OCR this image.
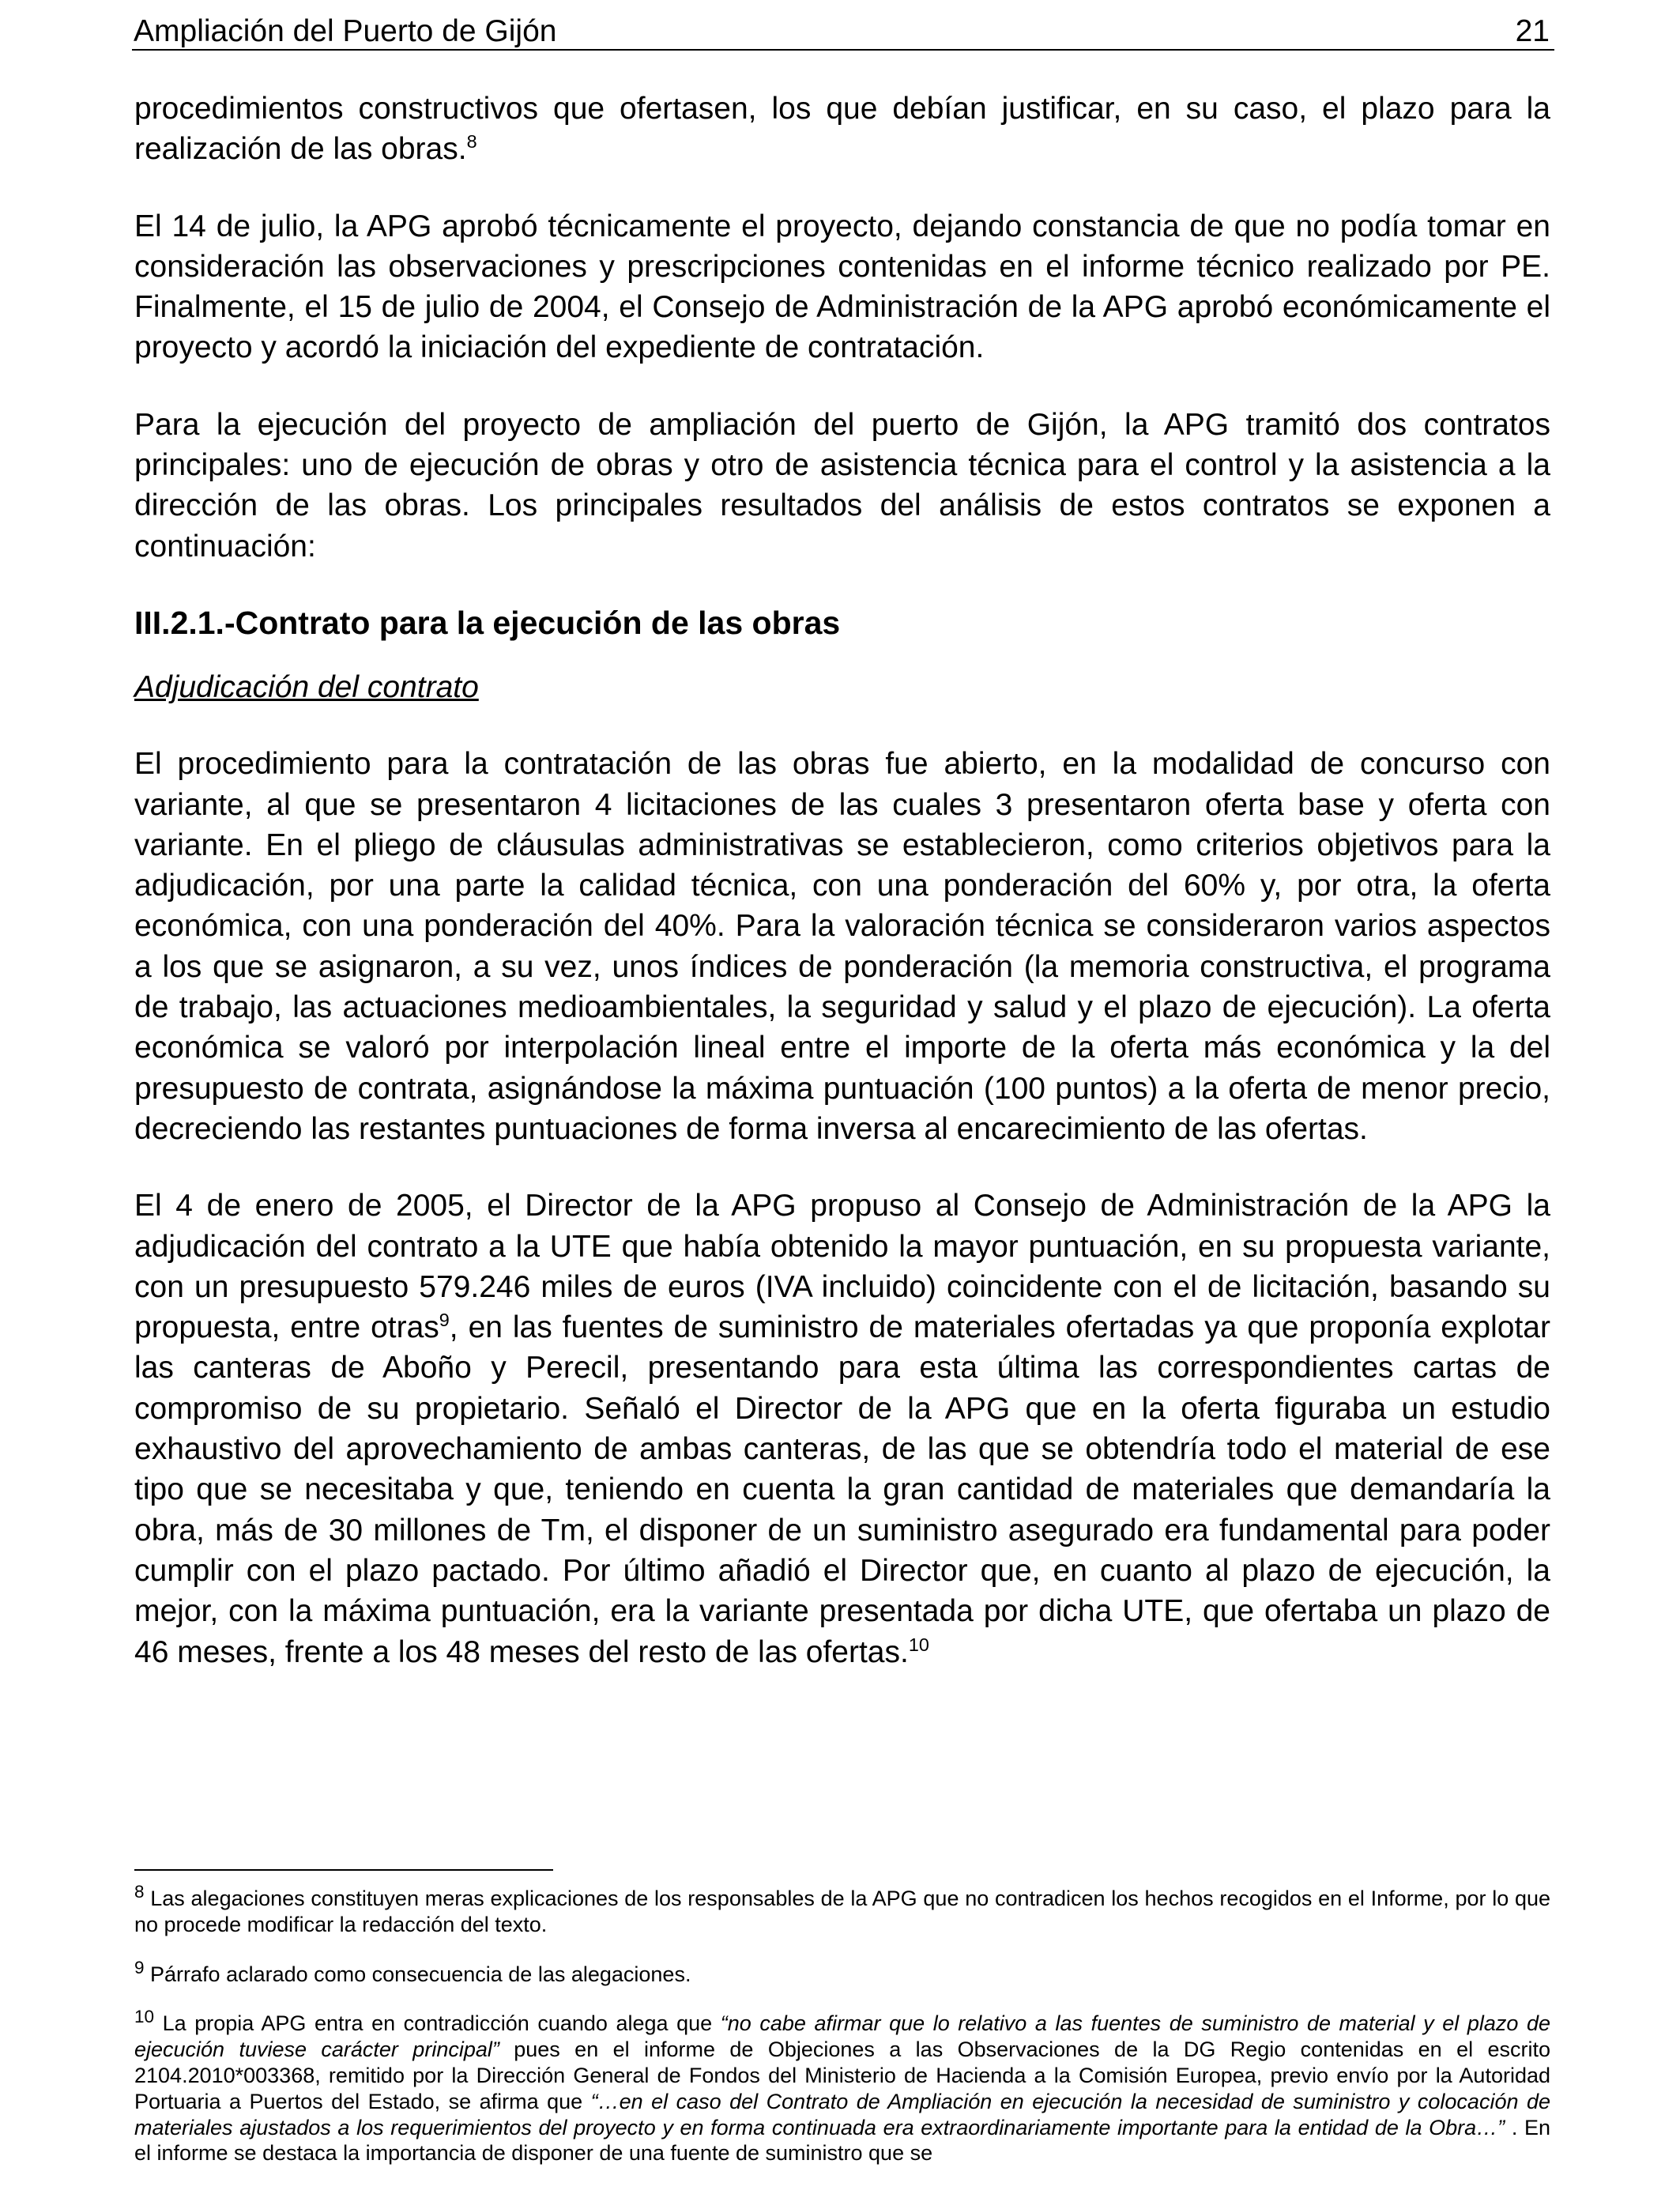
Ampliación del Puerto de Gijón	21

procedimientos constructivos que ofertasen, los que debían justificar, en su caso, el plazo para la realización de las obras.$^8$

El 14 de julio, la APG aprobó técnicamente el proyecto, dejando constancia de que no podía tomar en consideración las observaciones y prescripciones contenidas en el informe técnico realizado por PE. Finalmente, el 15 de julio de 2004, el Consejo de Administración de la APG aprobó económicamente el proyecto y acordó la iniciación del expediente de contratación.

Para la ejecución del proyecto de ampliación del puerto de Gijón, la APG tramitó dos contratos principales: uno de ejecución de obras y otro de asistencia técnica para el control y la asistencia a la dirección de las obras. Los principales resultados del análisis de estos contratos se exponen a continuación:

III.2.1.-Contrato para la ejecución de las obras
Adjudicación del contrato

El procedimiento para la contratación de las obras fue abierto, en la modalidad de concurso con variante, al que se presentaron 4 licitaciones de las cuales 3 presentaron oferta base y oferta con variante. En el pliego de cláusulas administrativas se establecieron, como criterios objetivos para la adjudicación, por una parte la calidad técnica, con una ponderación del 60% y, por otra, la oferta económica, con una ponderación del 40%. Para la valoración técnica se consideraron varios aspectos a los que se asignaron, a su vez, unos índices de ponderación (la memoria constructiva, el programa de trabajo, las actuaciones medioambientales, la seguridad y salud y el plazo de ejecución). La oferta económica se valoró por interpolación lineal entre el importe de la oferta más económica y la del presupuesto de contrata, asignándose la máxima puntuación (100 puntos) a la oferta de menor precio, decreciendo las restantes puntuaciones de forma inversa al encarecimiento de las ofertas.

El 4 de enero de 2005, el Director de la APG propuso al Consejo de Administración de la APG la adjudicación del contrato a la UTE que había obtenido la mayor puntuación, en su propuesta variante, con un presupuesto 579.246 miles de euros (IVA incluido) coincidente con el de licitación, basando su propuesta, entre otras$^9$, en las fuentes de suministro de materiales ofertadas ya que proponía explotar las canteras de Aboño y Perecil, presentando para esta última las correspondientes cartas de compromiso de su propietario. Señaló el Director de la APG que en la oferta figuraba un estudio exhaustivo del aprovechamiento de ambas canteras, de las que se obtendría todo el material de ese tipo que se necesitaba y que, teniendo en cuenta la gran cantidad de materiales que demandaría la obra, más de 30 millones de Tm, el disponer de un suministro asegurado era fundamental para poder cumplir con el plazo pactado. Por último añadió el Director que, en cuanto al plazo de ejecución, la mejor, con la máxima puntuación, era la variante presentada por dicha UTE, que ofertaba un plazo de 46 meses, frente a los 48 meses del resto de las ofertas.$^{10}$

$^8$ Las alegaciones constituyen meras explicaciones de los responsables de la APG que no contradicen los hechos recogidos en el Informe, por lo que no procede modificar la redacción del texto.

$^9$ Párrafo aclarado como consecuencia de las alegaciones.

$^{10}$ La propia APG entra en contradicción cuando alega que “no cabe afirmar que lo relativo a las fuentes de suministro de material y el plazo de ejecución tuviese carácter principal” pues en el informe de Objeciones a las Observaciones de la DG Regio contenidas en el escrito 2104.2010*003368, remitido por la Dirección General de Fondos del Ministerio de Hacienda a la Comisión Europea, previo envío por la Autoridad Portuaria a Puertos del Estado, se afirma que “…en el caso del Contrato de Ampliación en ejecución la necesidad de suministro y colocación de materiales ajustados a los requerimientos del proyecto y en forma continuada era extraordinariamente importante para la entidad de la Obra…” . En el informe se destaca la importancia de disponer de una fuente de suministro que se
